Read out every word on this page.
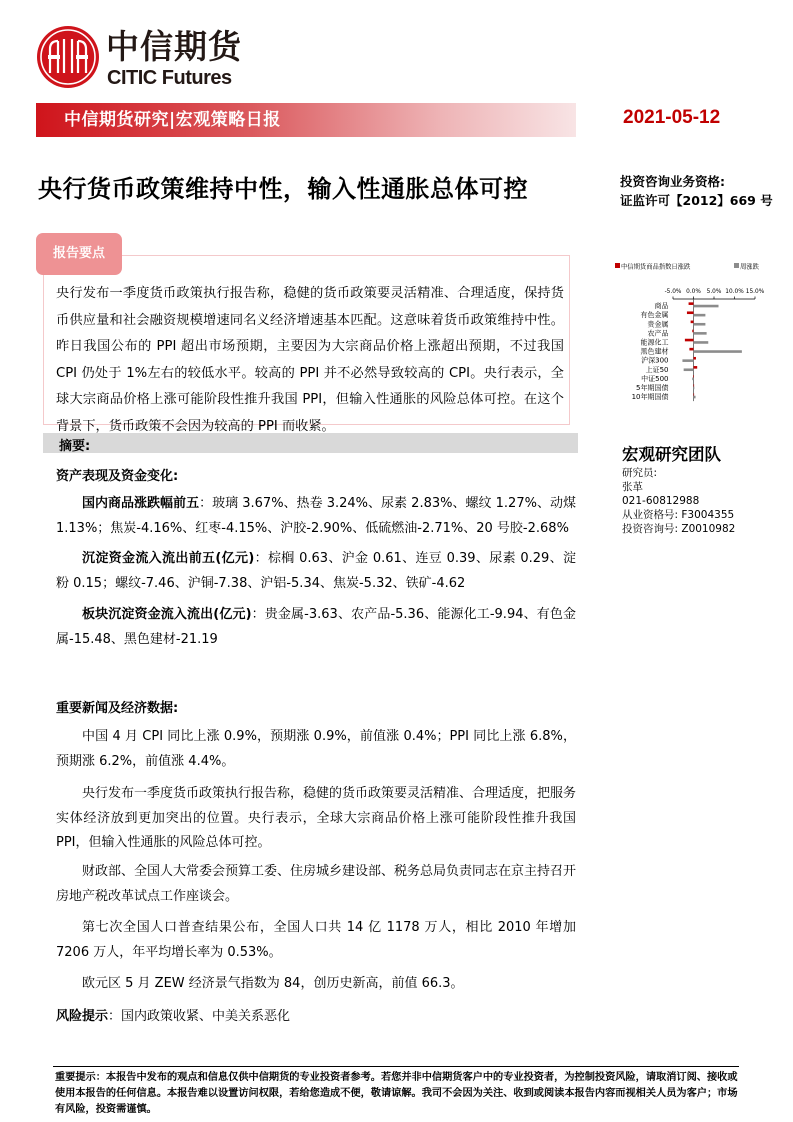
中信期货
CITIC Futures
中信期货研究|宏观策略日报	2021-05-12
央行货币政策维持中性，输入性通胀总体可控	投资咨询业务资格:
证监许可【2012】669 号
报告要点
央行发布一季度货币政策执行报告称，稳健的货币政策要灵活精准、合理适度，保持货币供应量和社会融资规模增速同名义经济增速基本匹配。这意味着货币政策维持中性。昨日我国公布的 PPI 超出市场预期，主要因为大宗商品价格上涨超出预期，不过我国 CPI 仍处于 1%左右的较低水平。较高的 PPI 并不必然导致较高的 CPI。央行表示，全球大宗商品价格上涨可能阶段性推升我国 PPI，但输入性通胀的风险总体可控。在这个背景下，货币政策不会因为较高的 PPI 而收紧。
中信期货商品指数日涨跌	周涨跌
-5.0% 0.0% 5.0% 10.0% 15.0%
商品
有色金属
贵金属
农产品
能源化工
黑色建材
沪深300
上证50
中证500
5年期国债
10年期国债
摘要:
资产表现及资金变化:
国内商品涨跌幅前五：玻璃 3.67%、热卷 3.24%、尿素 2.83%、螺纹 1.27%、动煤 1.13%；焦炭-4.16%、红枣-4.15%、沪胶-2.90%、低硫燃油-2.71%、20 号胶-2.68%
沉淀资金流入流出前五(亿元)：棕榈 0.63、沪金 0.61、连豆 0.39、尿素 0.29、淀粉 0.15；螺纹-7.46、沪铜-7.38、沪铝-5.34、焦炭-5.32、铁矿-4.62
板块沉淀资金流入流出(亿元)：贵金属-3.63、农产品-5.36、能源化工-9.94、有色金属-15.48、黑色建材-21.19
重要新闻及经济数据:
中国 4 月 CPI 同比上涨 0.9%，预期涨 0.9%，前值涨 0.4%；PPI 同比上涨 6.8%，预期涨 6.2%，前值涨 4.4%。
央行发布一季度货币政策执行报告称，稳健的货币政策要灵活精准、合理适度，把服务实体经济放到更加突出的位置。央行表示，全球大宗商品价格上涨可能阶段性推升我国 PPI，但输入性通胀的风险总体可控。
财政部、全国人大常委会预算工委、住房城乡建设部、税务总局负责同志在京主持召开房地产税改革试点工作座谈会。
第七次全国人口普查结果公布，全国人口共 14 亿 1178 万人，相比 2010 年增加 7206 万人，年平均增长率为 0.53%。
欧元区 5 月 ZEW 经济景气指数为 84，创历史新高，前值 66.3。
风险提示：国内政策收紧、中美关系恶化
宏观研究团队
研究员:
张革
021-60812988
从业资格号: F3004355
投资咨询号: Z0010982
重要提示：本报告中发布的观点和信息仅供中信期货的专业投资者参考。若您并非中信期货客户中的专业投资者，为控制投资风险，请取消订阅、接收或使用本报告的任何信息。本报告难以设置访问权限，若给您造成不便，敬请谅解。我司不会因为关注、收到或阅读本报告内容而视相关人员为客户；市场有风险，投资需谨慎。
